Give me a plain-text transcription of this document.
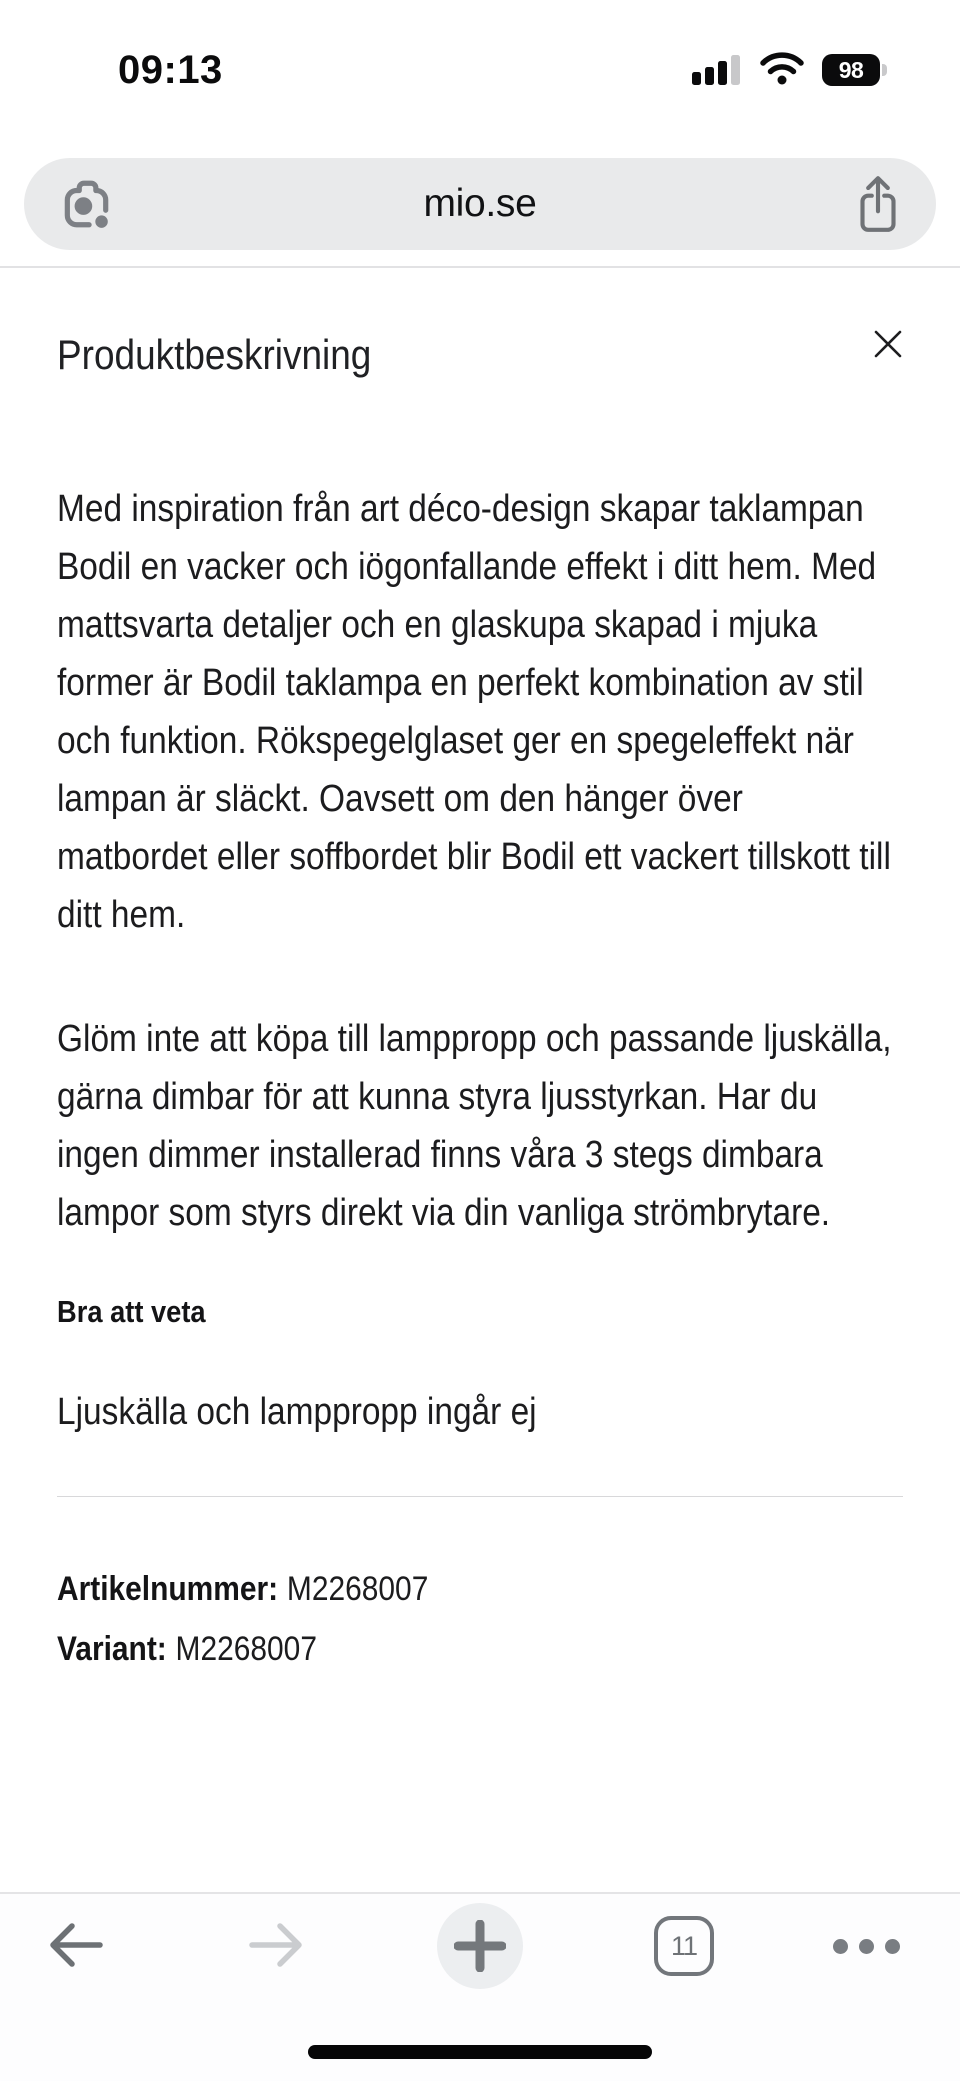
09:13	98
mio.se
Produktbeskrivning

Med inspiration från art déco-design skapar taklampan Bodil en vacker och iögonfallande effekt i ditt hem. Med mattsvarta detaljer och en glaskupa skapad i mjuka former är Bodil taklampa en perfekt kombination av stil och funktion. Rökspegelglaset ger en spegeleffekt när lampan är släckt. Oavsett om den hänger över matbordet eller soffbordet blir Bodil ett vackert tillskott till ditt hem.

Glöm inte att köpa till lamppropp och passande ljuskälla, gärna dimbar för att kunna styra ljusstyrkan. Har du ingen dimmer installerad finns våra 3 stegs dimbara lampor som styrs direkt via din vanliga strömbrytare.

Bra att veta

Ljuskälla och lamppropp ingår ej

Artikelnummer: M2268007
Variant: M2268007
11
